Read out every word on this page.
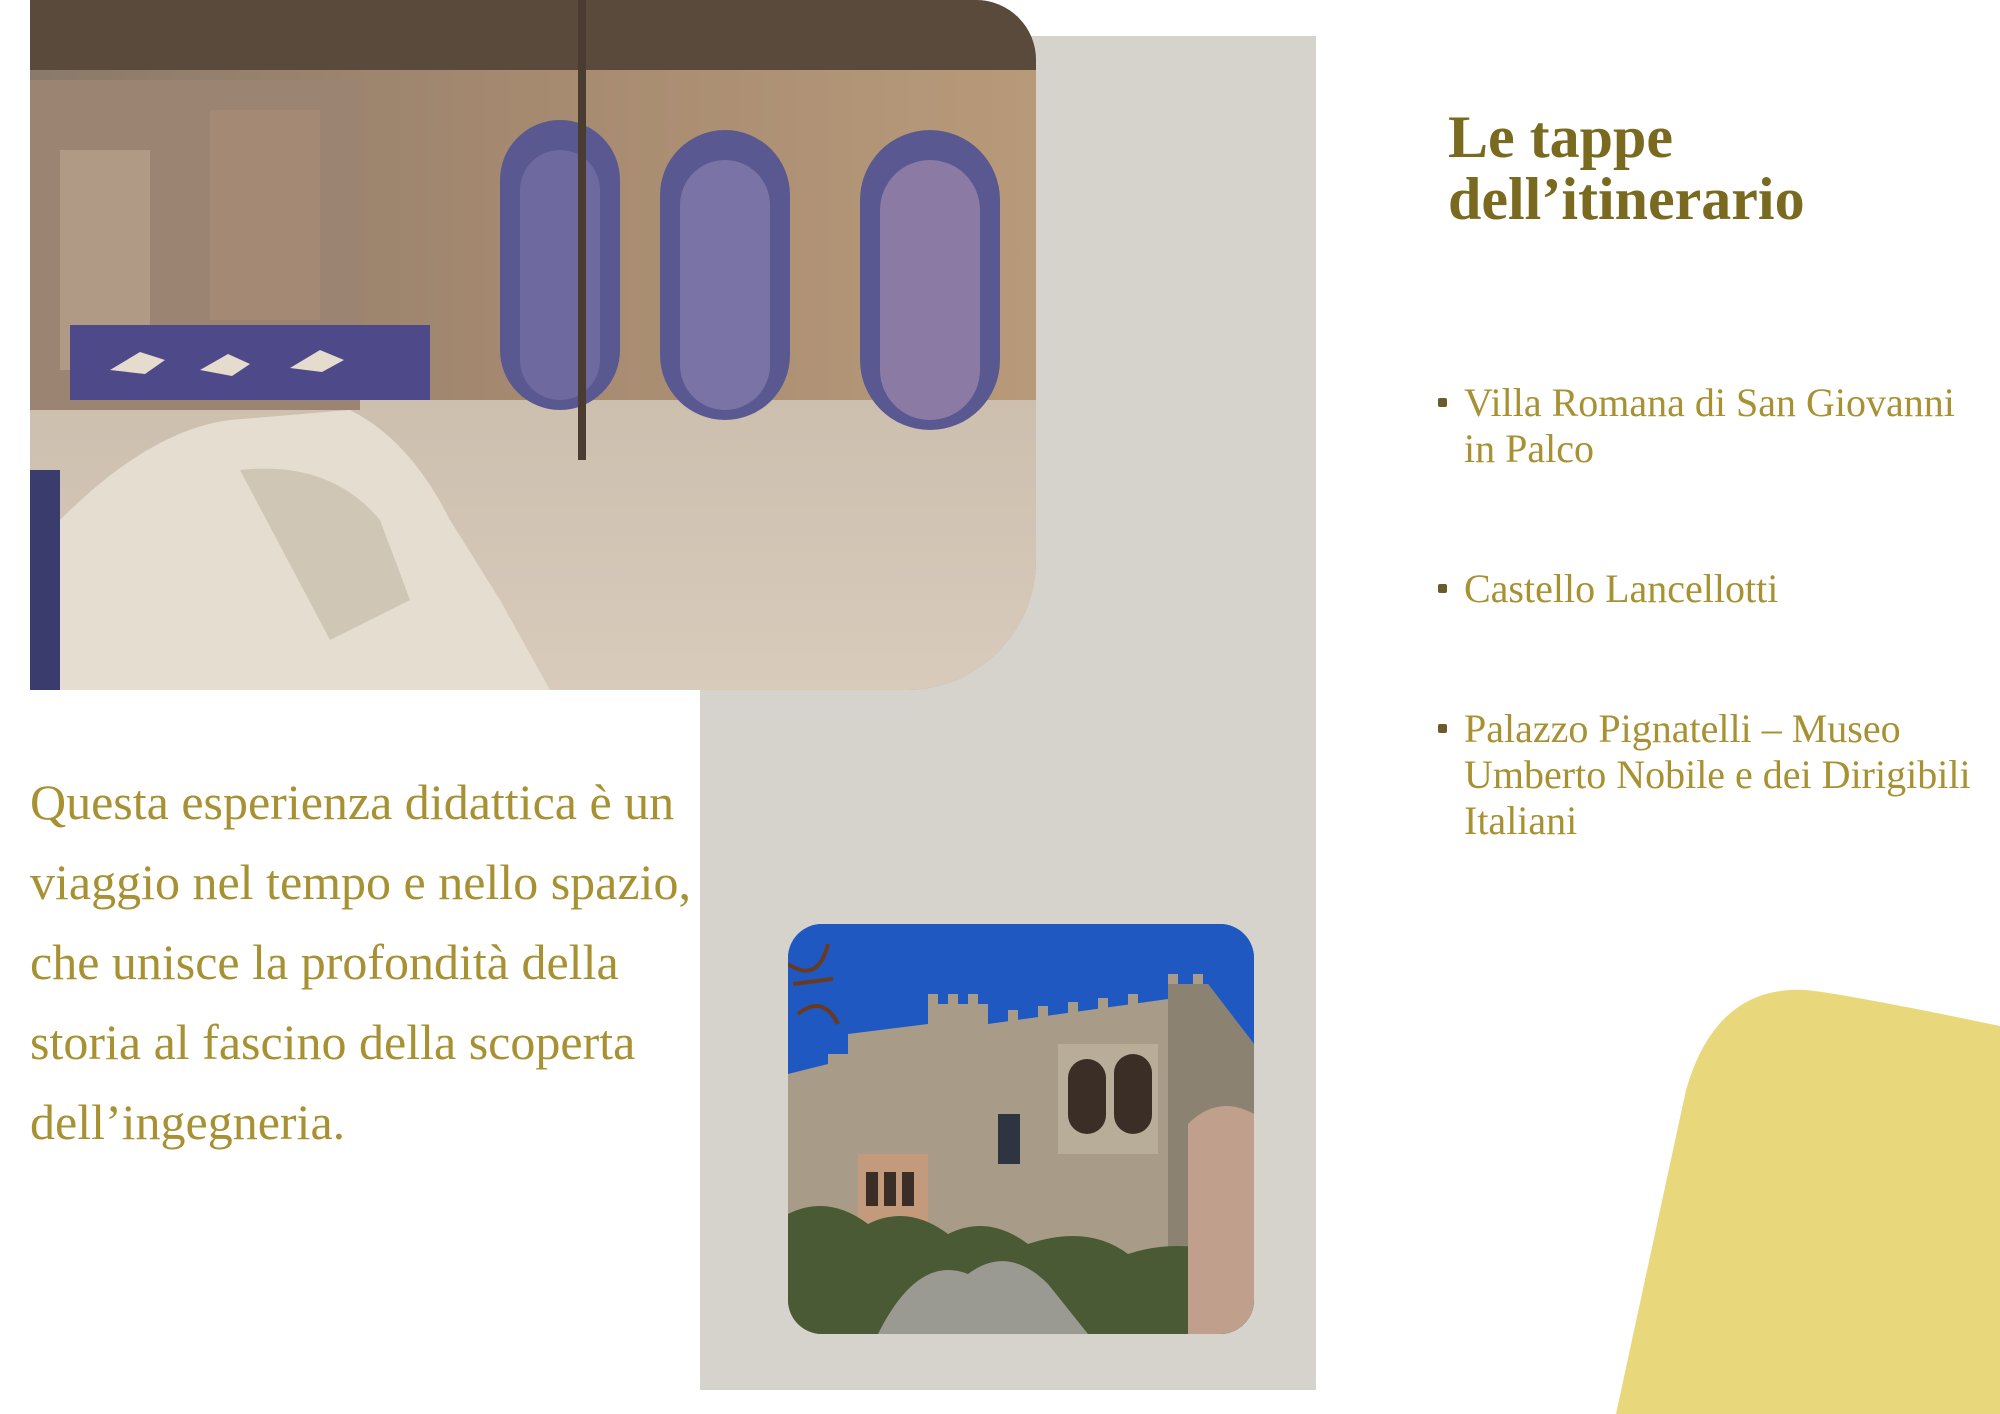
Questa esperienza didattica è un viaggio nel tempo e nello spazio, che unisce la profondità della storia al fascino della scoperta dell’ingegneria.

Le tappe
dell’itinerario
Villa Romana di San Giovanni in Palco
Castello Lancellotti
Palazzo Pignatelli – Museo Umberto Nobile e dei Dirigibili Italiani
